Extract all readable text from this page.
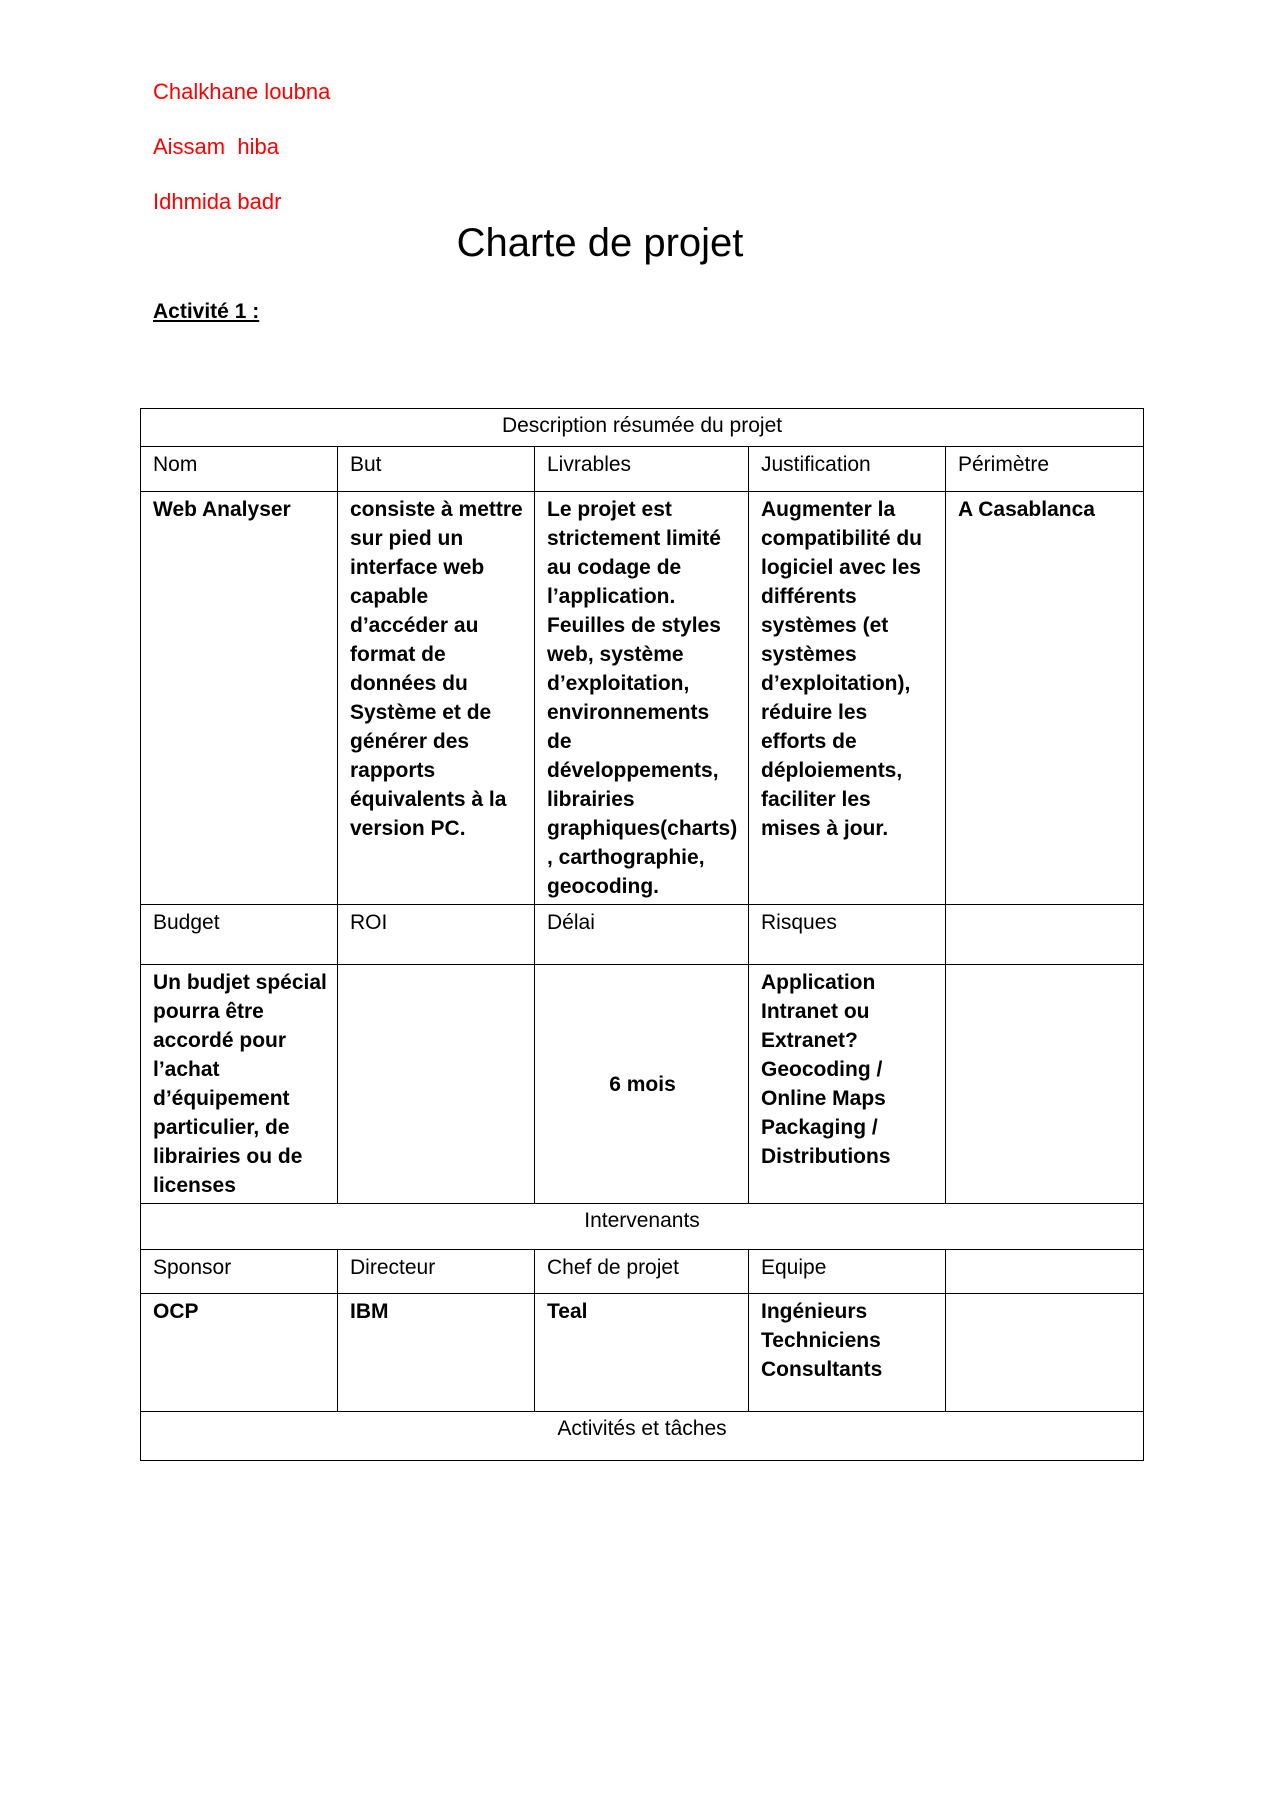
Chalkhane loubna
Aissam  hiba
Idhmida badr
Charte de projet
Activité 1 :
Description résumée du projet				
Nom	But	Livrables	Justification	Périmètre
Web Analyser	consiste à mettre sur pied un interface web capable d’accéder au format de données du Système et de générer des rapports équivalents à la version PC.	Le projet est strictement limité au codage de l’application. Feuilles de styles web, système d’exploitation, environnements de développements, librairies graphiques(charts) , carthographie, geocoding.	Augmenter la compatibilité du logiciel avec les différents systèmes (et systèmes d’exploitation), réduire les efforts de déploiements, faciliter les mises à jour.	A Casablanca
Budget	ROI	Délai	Risques	
Un budjet spécial pourra être accordé pour l’achat d’équipement particulier, de librairies ou de licenses		6 mois	Application Intranet ou Extranet? Geocoding / Online Maps Packaging / Distributions	
Intervenants				
Sponsor	Directeur	Chef de projet	Equipe	
OCP	IBM	Teal	Ingénieurs Techniciens Consultants	
Activités et tâches				
